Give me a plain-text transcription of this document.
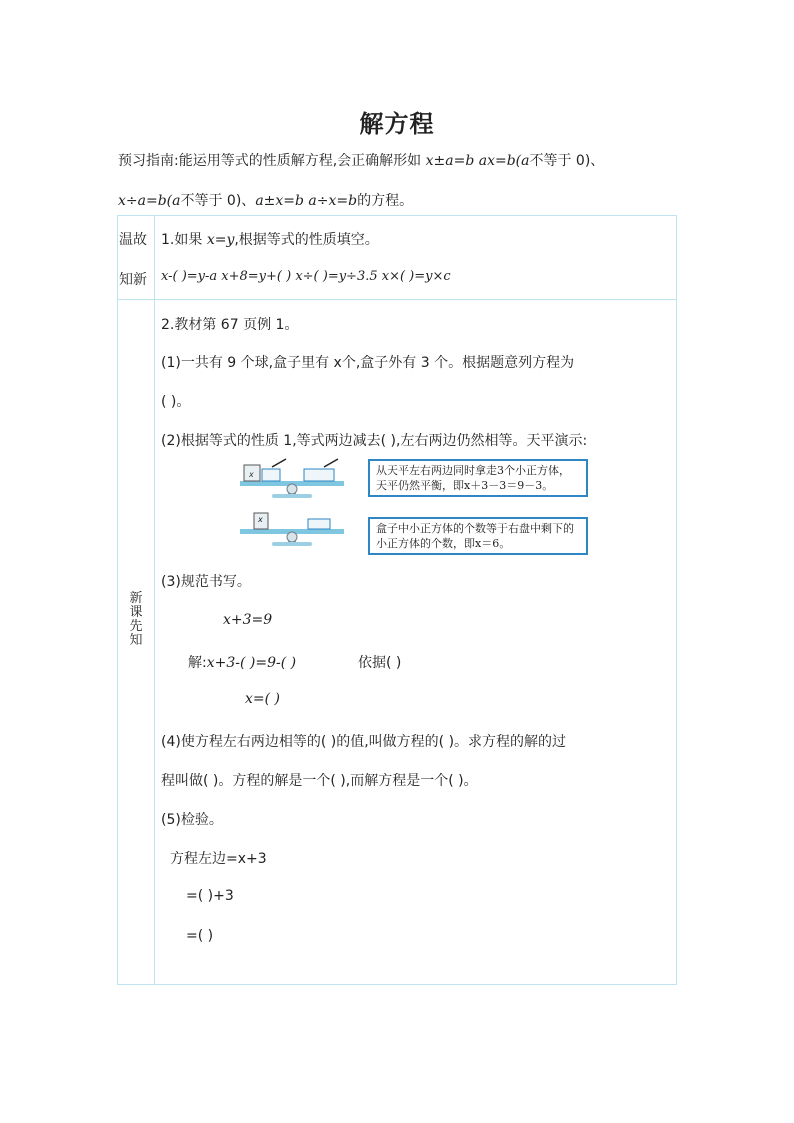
解方程
预习指南:能运用等式的性质解方程,会正确解形如 x±a=b ax=b(a不等于 0)、
x÷a=b(a不等于 0)、a±x=b a÷x=b的方程。
温故
知新
1.如果 x=y,根据等式的性质填空。
x-( )=y-a x+8=y+( ) x÷( )=y÷3.5 x×( )=y×c
新课先知
2.教材第 67 页例 1。
(1)一共有 9 个球,盒子里有 x个,盒子外有 3 个。根据题意列方程为
( )。
(2)根据等式的性质 1,等式两边减去( ),左右两边仍然相等。天平演示:
x
x
从天平左右两边同时拿走3个小正方体，天平仍然平衡，即x＋3－3＝9－3。
盒子中小正方体的个数等于右盘中剩下的小正方体的个数，即x＝6。
(3)规范书写。
x+3=9
解:x+3-( )=9-( )	依据( )
x=( )
(4)使方程左右两边相等的( )的值,叫做方程的( )。求方程的解的过
程叫做( )。方程的解是一个( ),而解方程是一个( )。
(5)检验。
方程左边=x+3
=( )+3
=( )
